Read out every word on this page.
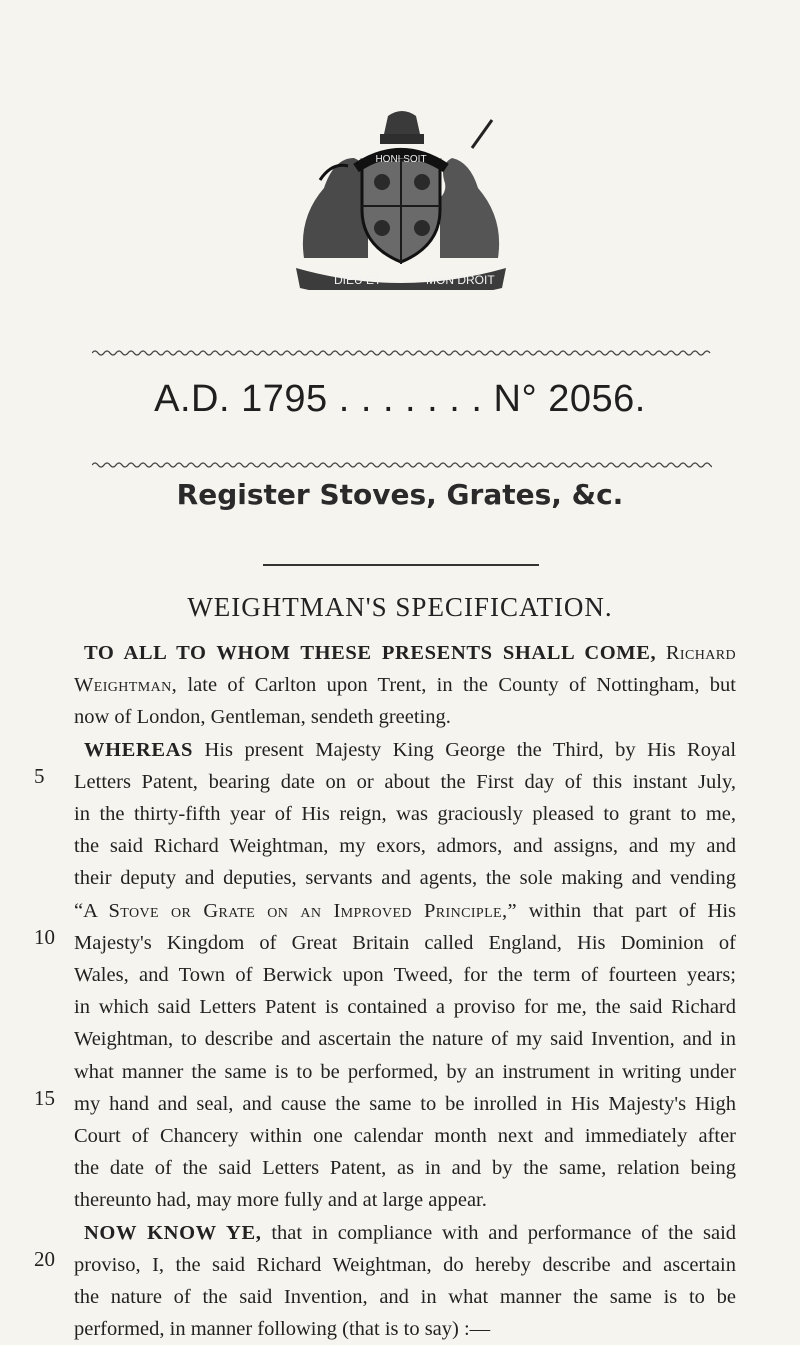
HONI SOIT
DIEU ET	MON DROIT
A.D. 1795 . . . . . . . N° 2056.
Register Stoves, Grates, &c.
WEIGHTMAN'S SPECIFICATION.
5
10
15
20
TO ALL TO WHOM THESE PRESENTS SHALL COME, Richard
Weightman, late of Carlton upon Trent, in the County of Nottingham, but
now of London, Gentleman, sendeth greeting.
WHEREAS His present Majesty King George the Third, by His Royal
Letters Patent, bearing date on or about the First day of this instant July,
in the thirty-fifth year of His reign, was graciously pleased to grant to me,
the said Richard Weightman, my exors, admors, and assigns, and my and
their deputy and deputies, servants and agents, the sole making and vending
“A Stove or Grate on an Improved Principle,” within that part of His
Majesty's Kingdom of Great Britain called England, His Dominion of
Wales, and Town of Berwick upon Tweed, for the term of fourteen years;
in which said Letters Patent is contained a proviso for me, the said Richard
Weightman, to describe and ascertain the nature of my said Invention, and in
what manner the same is to be performed, by an instrument in writing under
my hand and seal, and cause the same to be inrolled in His Majesty's High
Court of Chancery within one calendar month next and immediately after
the date of the said Letters Patent, as in and by the same, relation being
thereunto had, may more fully and at large appear.
NOW KNOW YE, that in compliance with and performance of the said
proviso, I, the said Richard Weightman, do hereby describe and ascertain
the nature of the said Invention, and in what manner the same is to be
performed, in manner following (that is to say) :—
